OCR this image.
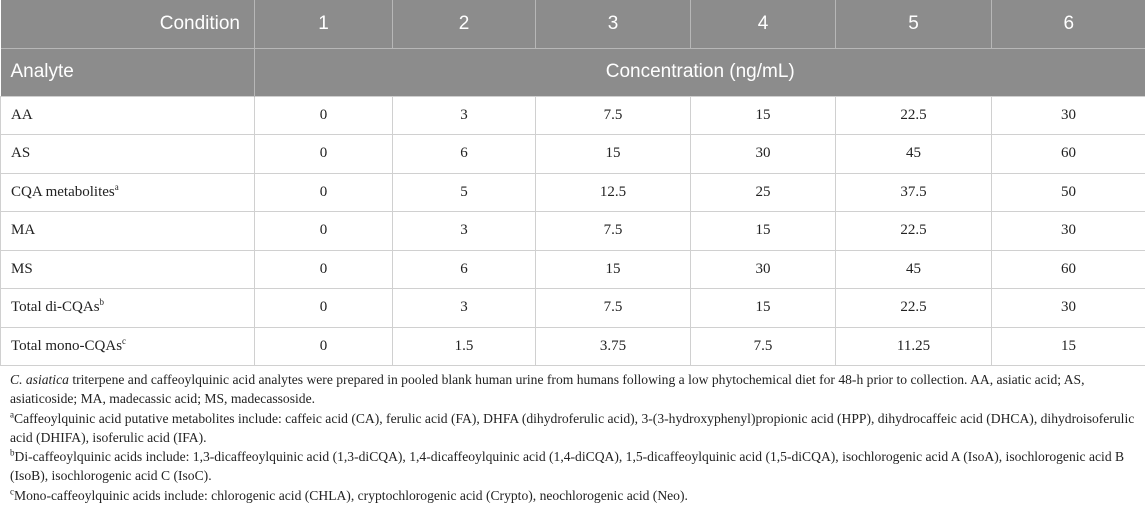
Condition	1	2	3	4	5	6
Analyte	Concentration (ng/mL)					
AA	0	3	7.5	15	22.5	30
AS	0	6	15	30	45	60
CQA metabolites$^a$	0	5	12.5	25	37.5	50
MA	0	3	7.5	15	22.5	30
MS	0	6	15	30	45	60
Total di-CQAs$^b$	0	3	7.5	15	22.5	30
Total mono-CQAs$^c$	0	1.5	3.75	7.5	11.25	15

C. asiatica triterpene and caffeoylquinic acid analytes were prepared in pooled blank human urine from humans following a low phytochemical diet for 48-h prior to collection. AA, asiatic acid; AS, asiaticoside; MA, madecassic acid; MS, madecassoside.

$^a$Caffeoylquinic acid putative metabolites include: caffeic acid (CA), ferulic acid (FA), DHFA (dihydroferulic acid), 3-(3-hydroxyphenyl)propionic acid (HPP), dihydrocaffeic acid (DHCA), dihydroisoferulic acid (DHIFA), isoferulic acid (IFA).

$^b$Di-caffeoylquinic acids include: 1,3-dicaffeoylquinic acid (1,3-diCQA), 1,4-dicaffeoylquinic acid (1,4-diCQA), 1,5-dicaffeoylquinic acid (1,5-diCQA), isochlorogenic acid A (IsoA), isochlorogenic acid B (IsoB), isochlorogenic acid C (IsoC).

$^c$Mono-caffeoylquinic acids include: chlorogenic acid (CHLA), cryptochlorogenic acid (Crypto), neochlorogenic acid (Neo).
